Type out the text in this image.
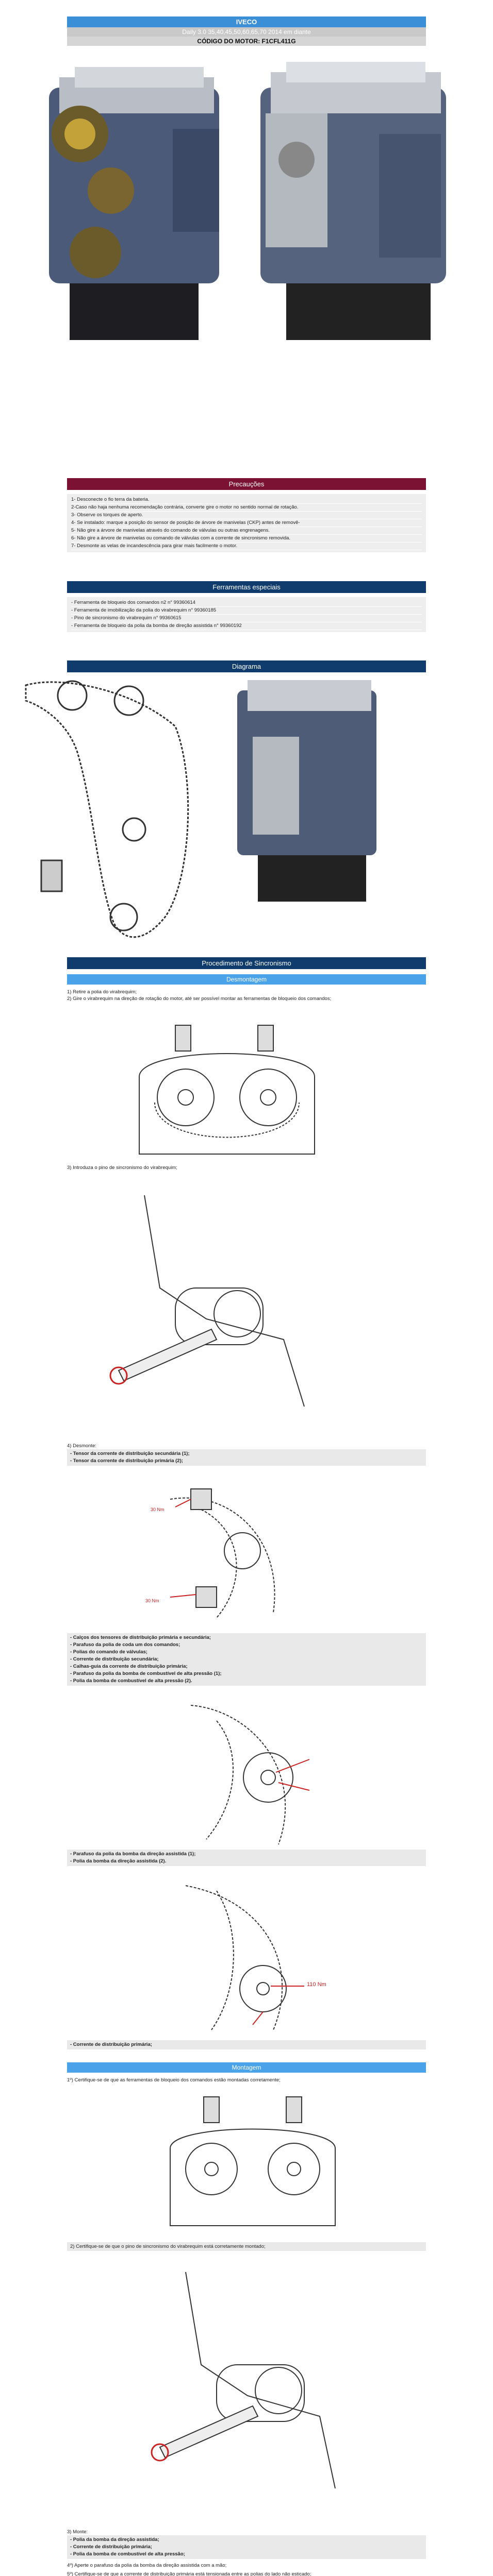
IVECO
Daily 3.0 35,40,45,50,60,65,70 2014 em diante
CÓDIGO DO MOTOR: F1CFL411G
Precauções
1- Desconecte o fio terra da bateria.
2-Caso não haja nenhuma recomendação contrária, converte gire o motor no sentido normal de rotação.
3- Observe os torques de aperto.
4- Se instalado: marque a posição do sensor de posição de árvore de manivelas (CKP) antes de removê-
5- Não gire a árvore de manivelas através do comando de válvulas ou outras engrenagens.
6- Não gire a árvore de manivelas ou comando de válvulas com a corrente de sincronismo removida.
7- Desmonte as velas de incandescência para girar mais facilmente o motor.
Ferramentas especiais
- Ferramenta de bloqueio dos comandos n2 n° 99360614
- Ferramenta de imobilização da polia do virabrequim n° 99360185
- Pino de sincronismo do virabrequim n° 99360615
- Ferramenta de bloqueio da polia da bomba de direção assistida n° 99360192
Diagrama
Procedimento de Sincronismo
Desmontagem
1) Retire a polia do virabrequim;
2) Gire o virabrequim na direção de rotação do motor, até ser possível montar as ferramentas de bloqueio dos comandos;
3) Introduza o pino de sincronismo do virabrequim;
4) Desmonte:
- Tensor da corrente de distribuição secundária (1);
- Tensor da corrente de distribuição primária (2);
30 Nm
30 Nm
- Calços dos tensores de distribuição primária e secundária;
- Parafuso da polia de coda um dos comandos;
- Polias do comando de válvulas;
- Corrente de distribuição secundária;
- Calhas-guia da corrente de distribuição primária;
- Parafuso da polia da bomba de combustível de alta pressão (1);
- Polia da bomba de combustível de alta pressão (2).
- Parafuso da polia da bomba da direção assistida (1);
- Polia da bomba da direção assistida (2).
110 Nm
- Corrente de distribuição primária;
Montagem
1º) Certifique-se de que as ferramentas de bloqueio dos comandos estão montadas corretamente;
2) Certifique-se de que o pino de sincronismo do virabrequim está corretamente montado;
3) Monte:
- Polia da bomba da direção assistida;
- Corrente de distribuição primária;
- Polia da bomba de combustível de alta pressão;
4º) Aperte o parafuso da polia da bomba da direção assistida com a mão;
5º) Certifique-se de que a corrente de distribuição primária está tensionada entre as polias do lado não esticado;
